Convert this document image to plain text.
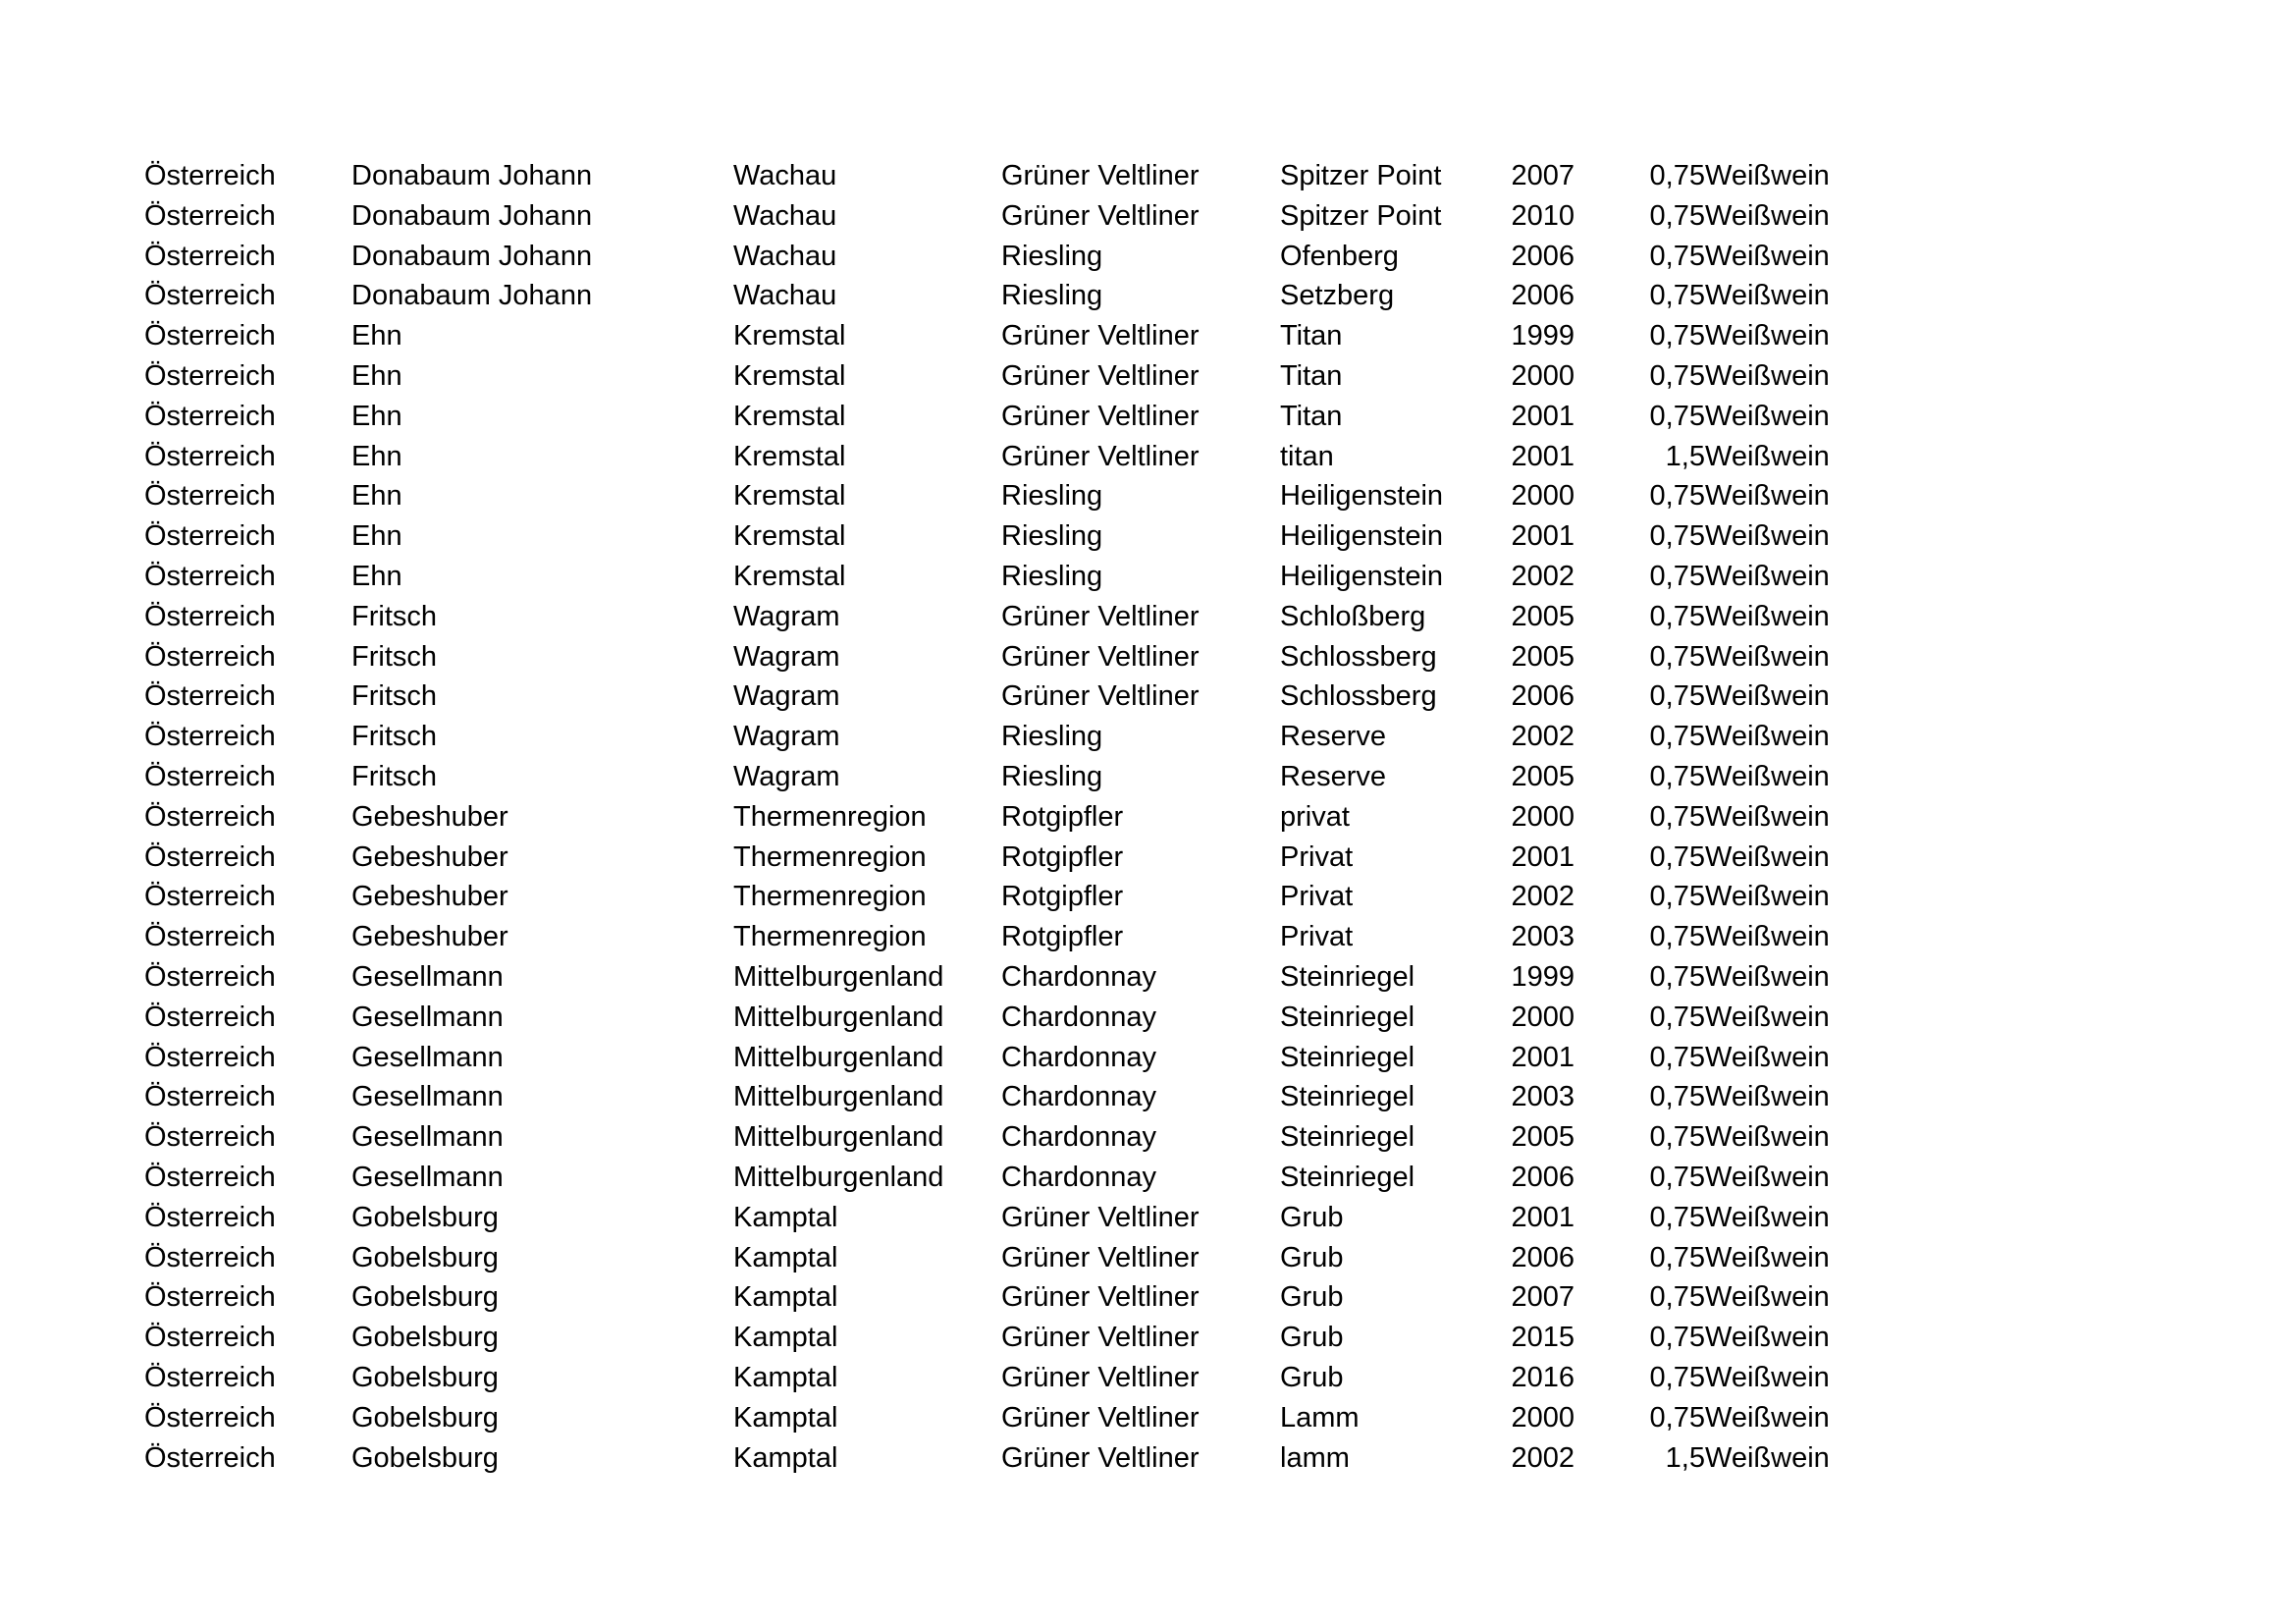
Österreich	Donabaum Johann	Wachau	Grüner Veltliner	Spitzer Point	2007	0,75	Weißwein
Österreich	Donabaum Johann	Wachau	Grüner Veltliner	Spitzer Point	2010	0,75	Weißwein
Österreich	Donabaum Johann	Wachau	Riesling	Ofenberg	2006	0,75	Weißwein
Österreich	Donabaum Johann	Wachau	Riesling	Setzberg	2006	0,75	Weißwein
Österreich	Ehn	Kremstal	Grüner Veltliner	Titan	1999	0,75	Weißwein
Österreich	Ehn	Kremstal	Grüner Veltliner	Titan	2000	0,75	Weißwein
Österreich	Ehn	Kremstal	Grüner Veltliner	Titan	2001	0,75	Weißwein
Österreich	Ehn	Kremstal	Grüner Veltliner	titan	2001	1,5	Weißwein
Österreich	Ehn	Kremstal	Riesling	Heiligenstein	2000	0,75	Weißwein
Österreich	Ehn	Kremstal	Riesling	Heiligenstein	2001	0,75	Weißwein
Österreich	Ehn	Kremstal	Riesling	Heiligenstein	2002	0,75	Weißwein
Österreich	Fritsch	Wagram	Grüner Veltliner	Schloßberg	2005	0,75	Weißwein
Österreich	Fritsch	Wagram	Grüner Veltliner	Schlossberg	2005	0,75	Weißwein
Österreich	Fritsch	Wagram	Grüner Veltliner	Schlossberg	2006	0,75	Weißwein
Österreich	Fritsch	Wagram	Riesling	Reserve	2002	0,75	Weißwein
Österreich	Fritsch	Wagram	Riesling	Reserve	2005	0,75	Weißwein
Österreich	Gebeshuber	Thermenregion	Rotgipfler	privat	2000	0,75	Weißwein
Österreich	Gebeshuber	Thermenregion	Rotgipfler	Privat	2001	0,75	Weißwein
Österreich	Gebeshuber	Thermenregion	Rotgipfler	Privat	2002	0,75	Weißwein
Österreich	Gebeshuber	Thermenregion	Rotgipfler	Privat	2003	0,75	Weißwein
Österreich	Gesellmann	Mittelburgenland	Chardonnay	Steinriegel	1999	0,75	Weißwein
Österreich	Gesellmann	Mittelburgenland	Chardonnay	Steinriegel	2000	0,75	Weißwein
Österreich	Gesellmann	Mittelburgenland	Chardonnay	Steinriegel	2001	0,75	Weißwein
Österreich	Gesellmann	Mittelburgenland	Chardonnay	Steinriegel	2003	0,75	Weißwein
Österreich	Gesellmann	Mittelburgenland	Chardonnay	Steinriegel	2005	0,75	Weißwein
Österreich	Gesellmann	Mittelburgenland	Chardonnay	Steinriegel	2006	0,75	Weißwein
Österreich	Gobelsburg	Kamptal	Grüner Veltliner	Grub	2001	0,75	Weißwein
Österreich	Gobelsburg	Kamptal	Grüner Veltliner	Grub	2006	0,75	Weißwein
Österreich	Gobelsburg	Kamptal	Grüner Veltliner	Grub	2007	0,75	Weißwein
Österreich	Gobelsburg	Kamptal	Grüner Veltliner	Grub	2015	0,75	Weißwein
Österreich	Gobelsburg	Kamptal	Grüner Veltliner	Grub	2016	0,75	Weißwein
Österreich	Gobelsburg	Kamptal	Grüner Veltliner	Lamm	2000	0,75	Weißwein
Österreich	Gobelsburg	Kamptal	Grüner Veltliner	lamm	2002	1,5	Weißwein
